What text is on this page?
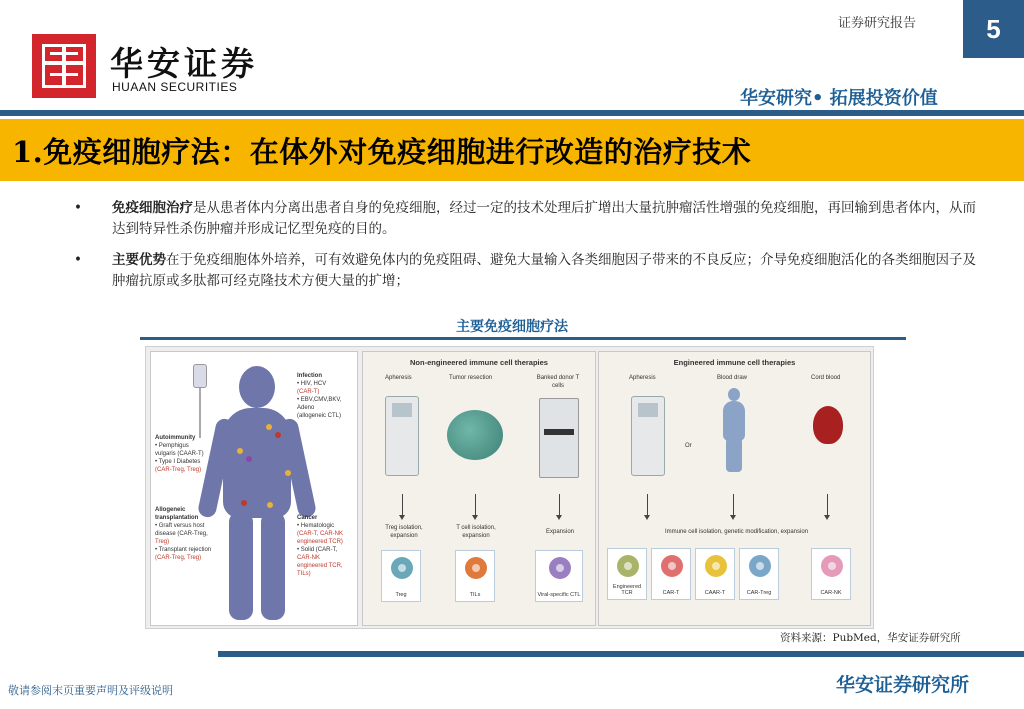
华安证券
HUAAN SECURITIES
证券研究报告	5
华安研究• 拓展投资价值
1.免疫细胞疗法：在体外对免疫细胞进行改造的治疗技术
• 免疫细胞治疗是从患者体内分离出患者自身的免疫细胞，经过一定的技术处理后扩增出大量抗肿瘤活性增强的免疫细胞，再回输到患者体内，从而达到特异性杀伤肿瘤并形成记忆型免疫的目的。
• 主要优势在于免疫细胞体外培养，可有效避免体内的免疫阻碍、避免大量输入各类细胞因子带来的不良反应；介导免疫细胞活化的各类细胞因子及肿瘤抗原或多肽都可经克隆技术方便大量的扩增；
主要免疫细胞疗法
Infection
• HIV, HCV
(CAR-T)
• EBV,CMV,BKV,
Adeno
(allogeneic CTL)
Autoimmunity
• Pemphigus
vulgaris (CAAR-T)
• Type I Diabetes
(CAR-Treg, Treg)
Allogeneic transplantation
• Graft versus host
disease (CAR-Treg,
Treg)
• Transplant rejection
(CAR-Treg, Treg)
Cancer
• Hematologic
(CAR-T, CAR-NK
engineered TCR)
• Solid (CAR-T,
CAR-NK
engineered TCR,
TILs)
Non-engineered immune cell therapies
Apheresis	Tumor resection	Banked donor T cells
Treg isolation, expansion
T cell isolation, expansion
Expansion
Treg	TILs	Viral-specific CTL
Engineered immune cell therapies
Apheresis	Blood draw	Cord blood
Or
Immune cell isolation, genetic modification, expansion
Engineered TCR	CAR-T	CAAR-T	CAR-Treg	CAR-NK
资料来源：PubMed，华安证券研究所
敬请参阅末页重要声明及评级说明	华安证券研究所
